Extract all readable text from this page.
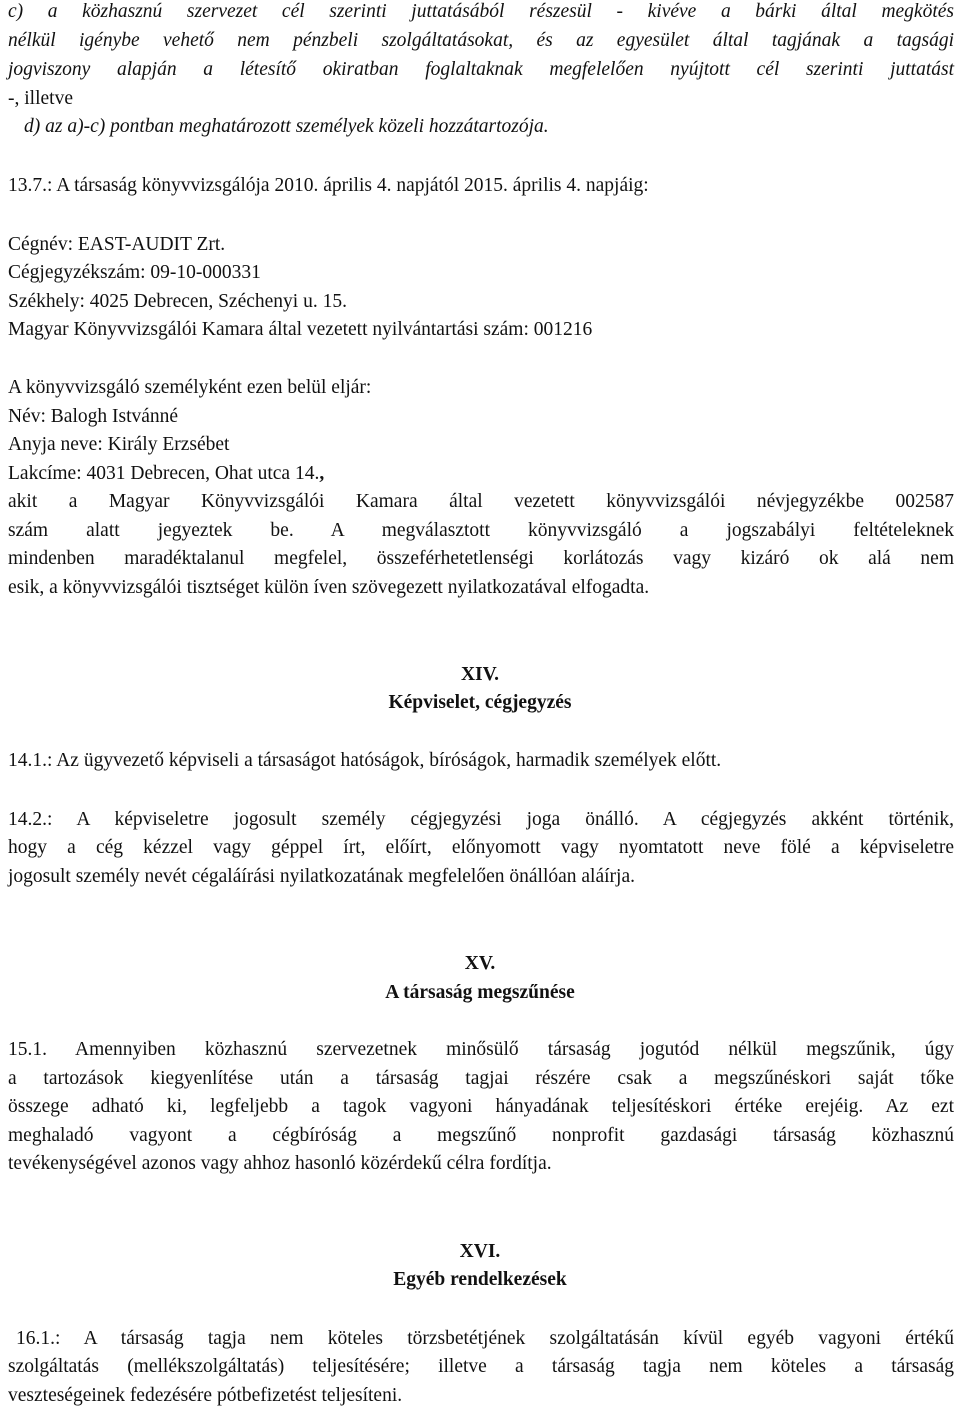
c) a közhasznú szervezet cél szerinti juttatásából részesül - kivéve a bárki által megkötés
nélkül igénybe vehető nem pénzbeli szolgáltatásokat, és az egyesület által tagjának a tagsági
jogviszony alapján a létesítő okiratban foglaltaknak megfelelően nyújtott cél szerinti juttatást
-, illetve
d) az a)-c) pontban meghatározott személyek közeli hozzátartozója.
13.7.: A társaság könyvvizsgálója 2010. április 4. napjától 2015. április 4. napjáig:
Cégnév: EAST-AUDIT Zrt.
Cégjegyzékszám: 09-10-000331
Székhely: 4025 Debrecen, Széchenyi u. 15.
Magyar Könyvvizsgálói Kamara által vezetett nyilvántartási szám: 001216
A könyvvizsgáló személyként ezen belül eljár:
Név: Balogh Istvánné
Anyja neve: Király Erzsébet
Lakcíme: 4031 Debrecen, Ohat utca 14.,
akit a Magyar Könyvvizsgálói Kamara által vezetett könyvvizsgálói névjegyzékbe 002587
szám alatt jegyeztek be. A megválasztott könyvvizsgáló a jogszabályi feltételeknek
mindenben maradéktalanul megfelel, összeférhetetlenségi korlátozás vagy kizáró ok alá nem
esik, a könyvvizsgálói tisztséget külön íven szövegezett nyilatkozatával elfogadta.
XIV.
Képviselet, cégjegyzés
14.1.: Az ügyvezető képviseli a társaságot hatóságok, bíróságok, harmadik személyek előtt.
14.2.: A képviseletre jogosult személy cégjegyzési joga önálló. A cégjegyzés akként történik,
hogy a cég kézzel vagy géppel írt, előírt, előnyomott vagy nyomtatott neve fölé a képviseletre
jogosult személy nevét cégaláírási nyilatkozatának megfelelően önállóan aláírja.
XV.
A társaság megszűnése
15.1. Amennyiben közhasznú szervezetnek minősülő társaság jogutód nélkül megszűnik, úgy
a tartozások kiegyenlítése után a társaság tagjai részére csak a megszűnéskori saját tőke
összege adható ki, legfeljebb a tagok vagyoni hányadának teljesítéskori értéke erejéig. Az ezt
meghaladó vagyont a cégbíróság a megszűnő nonprofit gazdasági társaság közhasznú
tevékenységével azonos vagy ahhoz hasonló közérdekű célra fordítja.
XVI.
Egyéb rendelkezések
16.1.: A társaság tagja nem köteles törzsbetétjének szolgáltatásán kívül egyéb vagyoni értékű
szolgáltatás (mellékszolgáltatás) teljesítésére; illetve a társaság tagja nem köteles a társaság
veszteségeinek fedezésére pótbefizetést teljesíteni.
